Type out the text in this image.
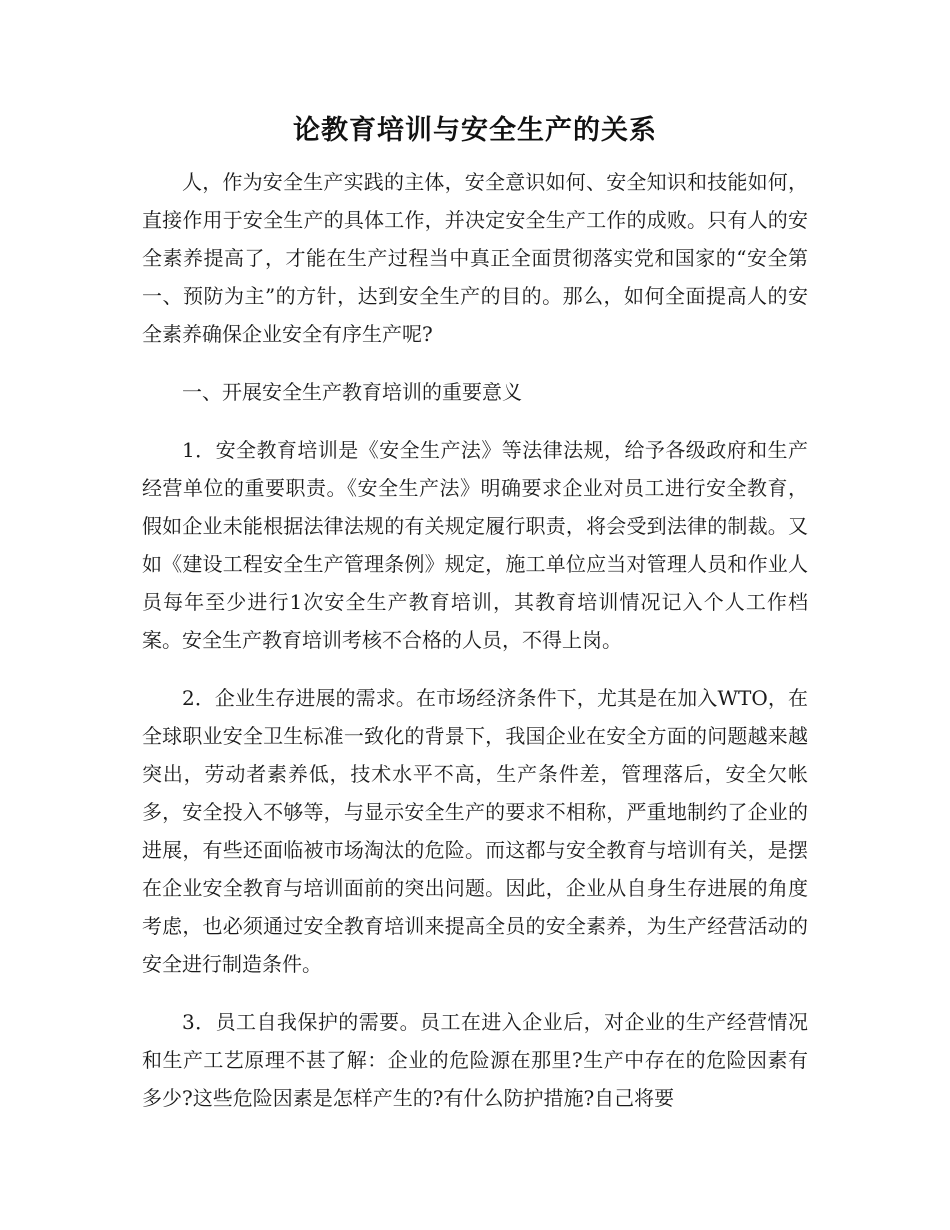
论教育培训与安全生产的关系

人，作为安全生产实践的主体，安全意识如何、安全知识和技能如何，直接作用于安全生产的具体工作，并决定安全生产工作的成败。只有人的安全素养提高了，才能在生产过程当中真正全面贯彻落实党和国家的“安全第一、预防为主”的方针，达到安全生产的目的。那么，如何全面提高人的安全素养确保企业安全有序生产呢?

一、开展安全生产教育培训的重要意义

1．安全教育培训是《安全生产法》等法律法规，给予各级政府和生产经营单位的重要职责。《安全生产法》明确要求企业对员工进行安全教育，假如企业未能根据法律法规的有关规定履行职责，将会受到法律的制裁。又如《建设工程安全生产管理条例》规定，施工单位应当对管理人员和作业人员每年至少进行1次安全生产教育培训，其教育培训情况记入个人工作档案。安全生产教育培训考核不合格的人员，不得上岗。

2．企业生存进展的需求。在市场经济条件下，尤其是在加入WTO，在全球职业安全卫生标准一致化的背景下，我国企业在安全方面的问题越来越突出，劳动者素养低，技术水平不高，生产条件差，管理落后，安全欠帐多，安全投入不够等，与显示安全生产的要求不相称，严重地制约了企业的进展，有些还面临被市场淘汰的危险。而这都与安全教育与培训有关，是摆在企业安全教育与培训面前的突出问题。因此，企业从自身生存进展的角度考虑，也必须通过安全教育培训来提高全员的安全素养，为生产经营活动的安全进行制造条件。

3．员工自我保护的需要。员工在进入企业后，对企业的生产经营情况和生产工艺原理不甚了解：企业的危险源在那里?生产中存在的危险因素有多少?这些危险因素是怎样产生的?有什么防护措施?自己将要
